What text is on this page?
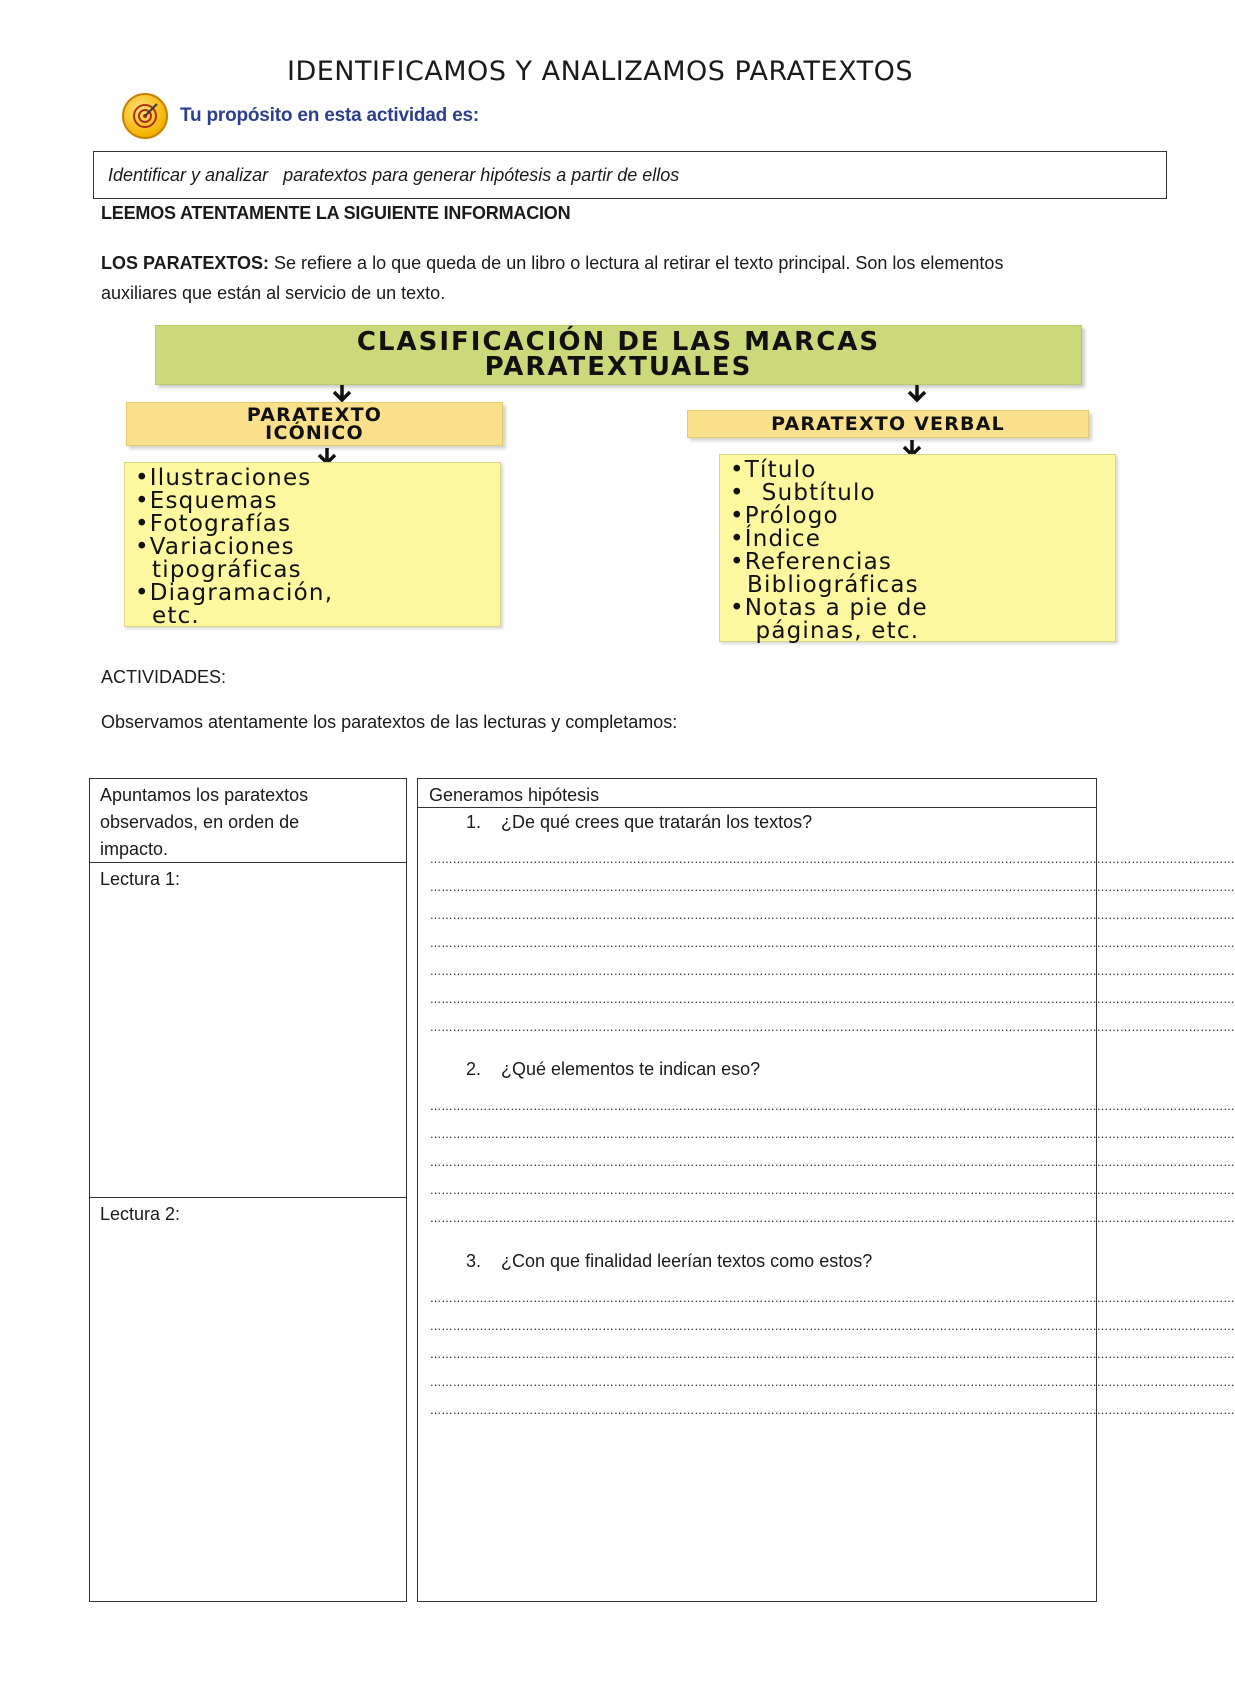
IDENTIFICAMOS Y ANALIZAMOS PARATEXTOS
Tu propósito en esta actividad es:
Identificar y analizar   paratextos para generar hipótesis a partir de ellos
LEEMOS ATENTAMENTE LA SIGUIENTE INFORMACION
LOS PARATEXTOS: Se refiere a lo que queda de un libro o lectura al retirar el texto principal. Son los elementos
auxiliares que están al servicio de un texto.
CLASIFICACIÓN DE LAS MARCAS
PARATEXTUALES
PARATEXTO
ICÓNICO	PARATEXTO VERBAL
•Ilustraciones
•Esquemas
•Fotografías
•Variaciones
tipográficas
•Diagramación,
etc.
•Título
•  Subtítulo
•Prólogo
•Índice
•Referencias
Bibliográficas
•Notas a pie de
páginas, etc.
ACTIVIDADES:
Observamos atentamente los paratextos de las lecturas y completamos:
Apuntamos los paratextos
observados, en orden de
impacto.
Lectura 1:
Lectura 2:
Generamos hipótesis
1.    ¿De qué crees que tratarán los textos?
…………………………………………………………………………………………………………………………………………………………………………………………
…………………………………………………………………………………………………………………………………………………………………………………………
…………………………………………………………………………………………………………………………………………………………………………………………
…………………………………………………………………………………………………………………………………………………………………………………………
…………………………………………………………………………………………………………………………………………………………………………………………
…………………………………………………………………………………………………………………………………………………………………………………………
…………………………………………………………………………………………………………………………………………………………………………………………
2.    ¿Qué elementos te indican eso?
…………………………………………………………………………………………………………………………………………………………………………………………
…………………………………………………………………………………………………………………………………………………………………………………………
…………………………………………………………………………………………………………………………………………………………………………………………
…………………………………………………………………………………………………………………………………………………………………………………………
…………………………………………………………………………………………………………………………………………………………………………………………
3.    ¿Con que finalidad leerían textos como estos?
…………………………………………………………………………………………………………………………………………………………………………………………
…………………………………………………………………………………………………………………………………………………………………………………………
…………………………………………………………………………………………………………………………………………………………………………………………
…………………………………………………………………………………………………………………………………………………………………………………………
…………………………………………………………………………………………………………………………………………………………………………………………
